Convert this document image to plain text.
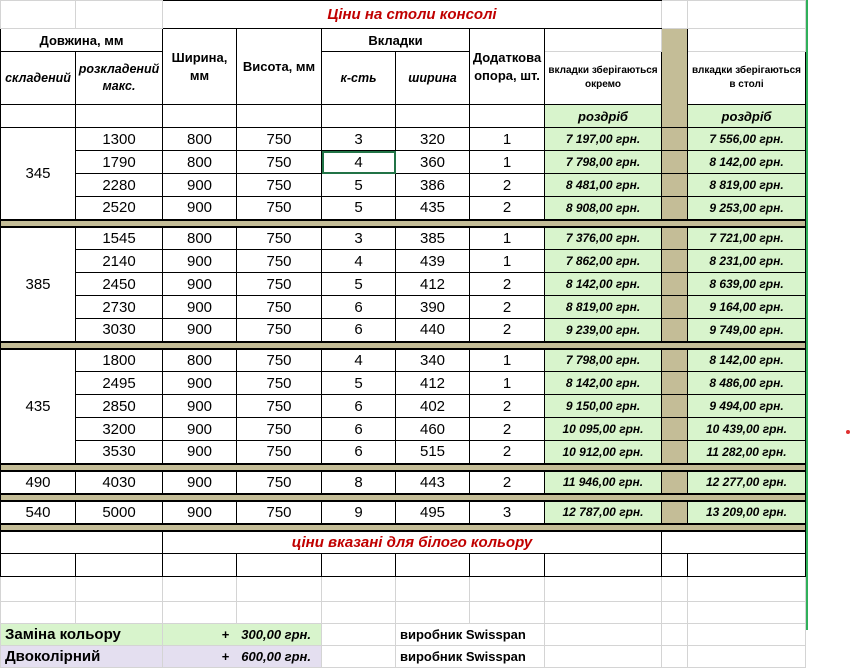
		Ціни на столи консолі							
Довжина, мм		Ширина, мм	Висота, мм	Вкладки		Додаткова опора, шт.			
складений	розкладений макс.			к-сть	ширина		вкладки зберігаються окремо		влкадки зберігаються в столі
							роздріб		роздріб
345	1300	800	750	3	320	1	7 197,00 грн.		7 556,00 грн.
	1790	800	750	4	360	1	7 798,00 грн.		8 142,00 грн.
	2280	900	750	5	386	2	8 481,00 грн.		8 819,00 грн.
	2520	900	750	5	435	2	8 908,00 грн.		9 253,00 грн.

385	1545	800	750	3	385	1	7 376,00 грн.		7 721,00 грн.
	2140	900	750	4	439	1	7 862,00 грн.		8 231,00 грн.
	2450	900	750	5	412	2	8 142,00 грн.		8 639,00 грн.
	2730	900	750	6	390	2	8 819,00 грн.		9 164,00 грн.
	3030	900	750	6	440	2	9 239,00 грн.		9 749,00 грн.

435	1800	800	750	4	340	1	7 798,00 грн.		8 142,00 грн.
	2495	900	750	5	412	1	8 142,00 грн.		8 486,00 грн.
	2850	900	750	6	402	2	9 150,00 грн.		9 494,00 грн.
	3200	900	750	6	460	2	10 095,00 грн.		10 439,00 грн.
	3530	900	750	6	515	2	10 912,00 грн.		11 282,00 грн.

490	4030	900	750	8	443	2	11 946,00 грн.		12 277,00 грн.

540	5000	900	750	9	495	3	12 787,00 грн.		13 209,00 грн.

		ціни вказані для білого кольору							

Заміна кольору		+ 300,00 грн.			виробник Swisspan				
Двоколірний		+ 600,00 грн.			виробник Swisspan				
